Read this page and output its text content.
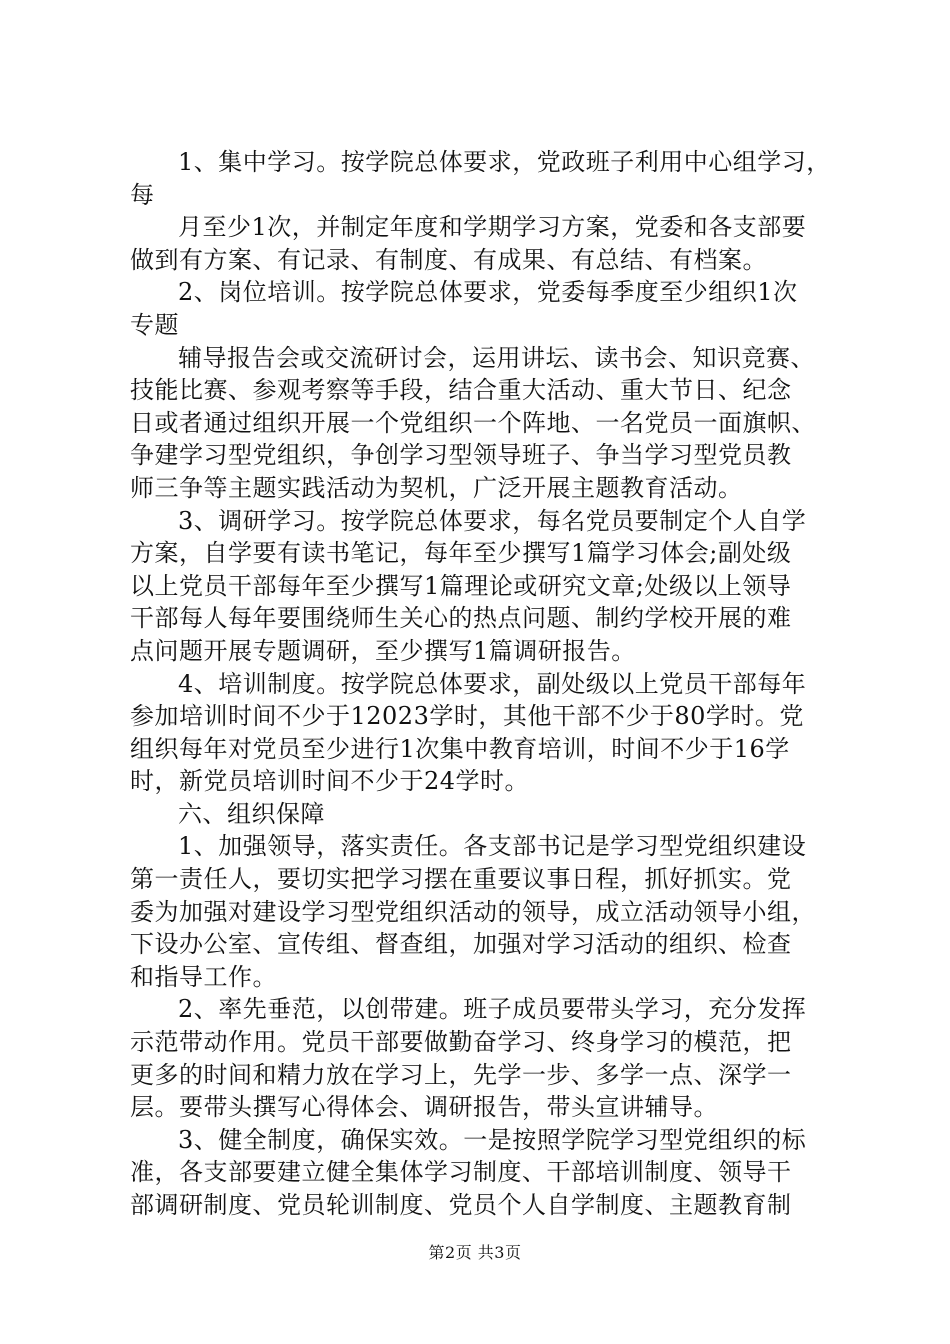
1、集中学习。按学院总体要求，党政班子利用中心组学习，
每
月至少1次，并制定年度和学期学习方案，党委和各支部要
做到有方案、有记录、有制度、有成果、有总结、有档案。
2、岗位培训。按学院总体要求，党委每季度至少组织1次
专题
辅导报告会或交流研讨会，运用讲坛、读书会、知识竞赛、
技能比赛、参观考察等手段，结合重大活动、重大节日、纪念
日或者通过组织开展一个党组织一个阵地、一名党员一面旗帜、
争建学习型党组织，争创学习型领导班子、争当学习型党员教
师三争等主题实践活动为契机，广泛开展主题教育活动。
3、调研学习。按学院总体要求，每名党员要制定个人自学
方案，自学要有读书笔记，每年至少撰写1篇学习体会;副处级
以上党员干部每年至少撰写1篇理论或研究文章;处级以上领导
干部每人每年要围绕师生关心的热点问题、制约学校开展的难
点问题开展专题调研，至少撰写1篇调研报告。
4、培训制度。按学院总体要求，副处级以上党员干部每年
参加培训时间不少于12023学时，其他干部不少于80学时。党
组织每年对党员至少进行1次集中教育培训，时间不少于16学
时，新党员培训时间不少于24学时。
六、组织保障
1、加强领导，落实责任。各支部书记是学习型党组织建设
第一责任人，要切实把学习摆在重要议事日程，抓好抓实。党
委为加强对建设学习型党组织活动的领导，成立活动领导小组，
下设办公室、宣传组、督查组，加强对学习活动的组织、检查
和指导工作。
2、率先垂范，以创带建。班子成员要带头学习，充分发挥
示范带动作用。党员干部要做勤奋学习、终身学习的模范，把
更多的时间和精力放在学习上，先学一步、多学一点、深学一
层。要带头撰写心得体会、调研报告，带头宣讲辅导。
3、健全制度，确保实效。一是按照学院学习型党组织的标
准，各支部要建立健全集体学习制度、干部培训制度、领导干
部调研制度、党员轮训制度、党员个人自学制度、主题教育制
第2页 共3页
